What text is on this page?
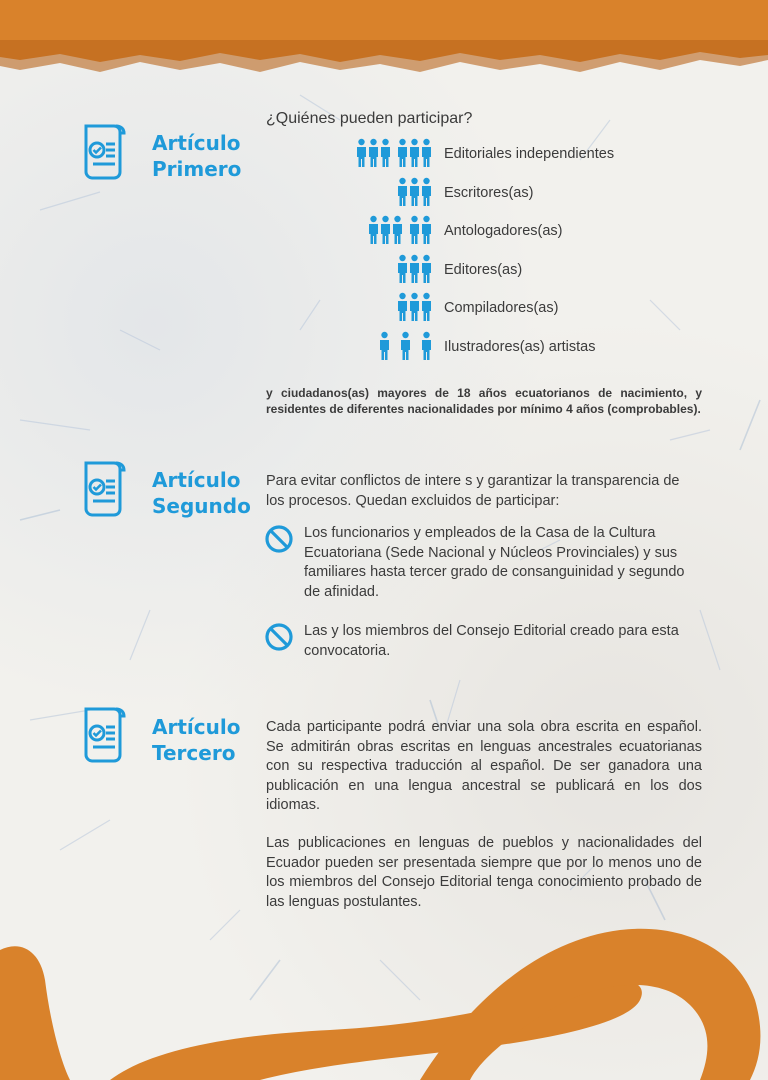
Artículo
Primero
¿Quiénes pueden participar?
Editoriales independientes
Escritores(as)
Antologadores(as)
Editores(as)
Compiladores(as)
Ilustradores(as) artistas
y ciudadanos(as) mayores de 18 años ecuatorianos de nacimiento, y residentes de diferentes nacionalidades por mínimo 4 años (comprobables).
Artículo
Segundo
Para evitar conflictos de intere s y garantizar la transparencia de los procesos. Quedan excluidos de participar:
Los funcionarios y empleados de la Casa de la Cultura Ecuatoriana (Sede Nacional y Núcleos Provinciales) y sus familiares hasta tercer grado de consanguinidad y segundo de afinidad.
Las y los miembros del Consejo Editorial creado para esta convocatoria.
Artículo
Tercero
Cada participante podrá enviar una sola obra escrita en español. Se admitirán obras escritas en lenguas ancestrales ecuatorianas con su respectiva traducción al español. De ser ganadora una publicación en una lengua ancestral se publicará en los dos idiomas.
Las publicaciones en lenguas de pueblos y nacionalidades del Ecuador pueden ser presentada siempre que por lo menos uno de los miembros del Consejo Editorial tenga conocimiento probado de las lenguas postulantes.
